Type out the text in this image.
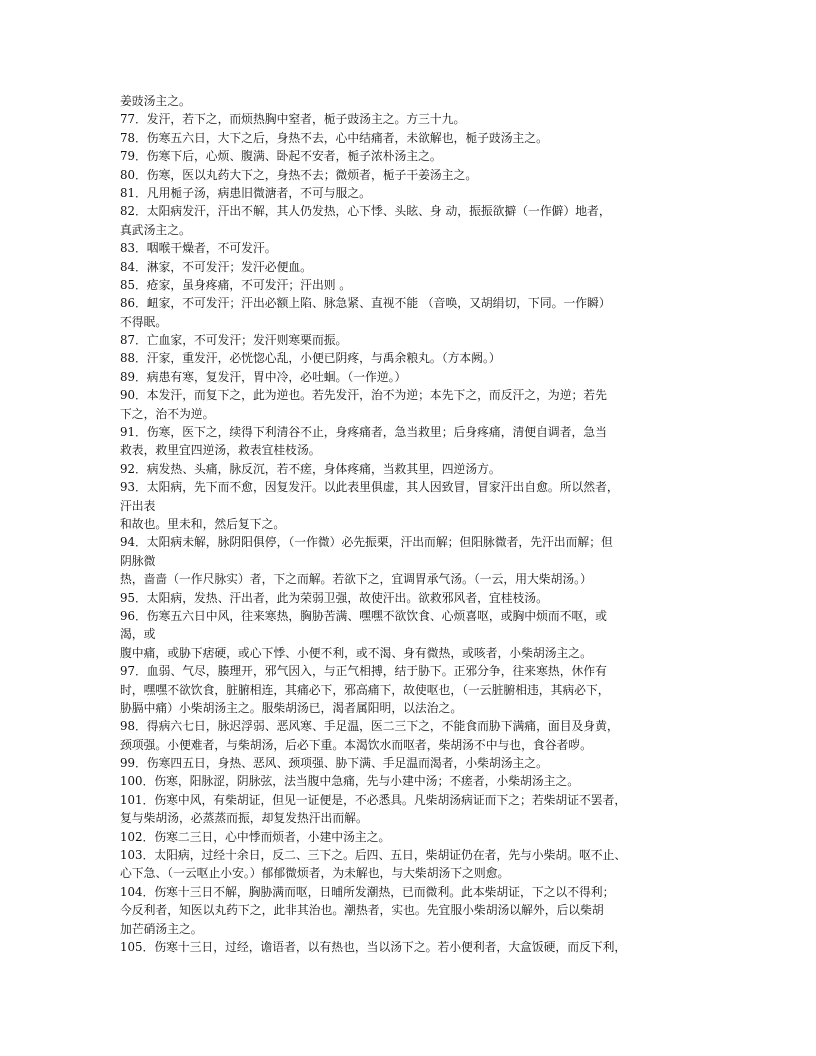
姜豉汤主之。
77．发汗，若下之，而烦热胸中窒者，栀子豉汤主之。方三十九。
78．伤寒五六日，大下之后，身热不去，心中结痛者，未欲解也，栀子豉汤主之。
79．伤寒下后，心烦、腹满、卧起不安者，栀子浓朴汤主之。
80．伤寒，医以丸药大下之，身热不去；微烦者，栀子干姜汤主之。
81．凡用栀子汤，病患旧微溏者，不可与服之。
82．太阳病发汗，汗出不解，其人仍发热，心下悸、头眩、身 动，振振欲擗（一作僻）地者，
真武汤主之。
83．咽喉干燥者，不可发汗。
84．淋家，不可发汗；发汗必便血。
85．疮家，虽身疼痛，不可发汗；汗出则 。
86．衄家，不可发汗；汗出必额上陷、脉急紧、直视不能 （音唤，又胡绢切，下同。一作瞬）
不得眠。
87．亡血家，不可发汗；发汗则寒栗而振。
88．汗家，重发汗，必恍惚心乱，小便已阴疼，与禹余粮丸。（方本阙。）
89．病患有寒，复发汗，胃中冷，必吐蛔。（一作逆。）
90．本发汗，而复下之，此为逆也。若先发汗，治不为逆；本先下之，而反汗之，为逆；若先
下之，治不为逆。
91．伤寒，医下之，续得下利清谷不止，身疼痛者，急当救里；后身疼痛，清便自调者，急当
救表，救里宜四逆汤，救表宜桂枝汤。
92．病发热、头痛，脉反沉，若不瘥，身体疼痛，当救其里，四逆汤方。
93．太阳病，先下而不愈，因复发汗。以此表里俱虚，其人因致冒，冒家汗出自愈。所以然者，
汗出表
和故也。里未和，然后复下之。
94．太阳病未解，脉阴阳俱停，（一作微）必先振栗，汗出而解；但阳脉微者，先汗出而解；但
阴脉微
热，啬啬（一作尺脉实）者，下之而解。若欲下之，宜调胃承气汤。（一云，用大柴胡汤。）
95．太阳病，发热、汗出者，此为荣弱卫强，故使汗出。欲救邪风者，宜桂枝汤。
96．伤寒五六日中风，往来寒热，胸胁苦满、嘿嘿不欲饮食、心烦喜呕，或胸中烦而不呕，或
渴，或
腹中痛，或胁下痞硬，或心下悸、小便不利，或不渴、身有微热，或咳者，小柴胡汤主之。
97．血弱、气尽，腠理开，邪气因入，与正气相搏，结于胁下。正邪分争，往来寒热，休作有
时，嘿嘿不欲饮食，脏腑相连，其痛必下，邪高痛下，故使呕也，（一云脏腑相违，其病必下，
胁膈中痛）小柴胡汤主之。服柴胡汤已，渴者属阳明，以法治之。
98．得病六七日，脉迟浮弱、恶风寒、手足温，医二三下之，不能食而胁下满痛，面目及身黄，
颈项强。小便难者，与柴胡汤，后必下重。本渴饮水而呕者，柴胡汤不中与也，食谷者哕。
99．伤寒四五日，身热、恶风、颈项强、胁下满、手足温而渴者，小柴胡汤主之。
100．伤寒，阳脉涩，阴脉弦，法当腹中急痛，先与小建中汤；不瘥者，小柴胡汤主之。
101．伤寒中风，有柴胡证，但见一证便是，不必悉具。凡柴胡汤病证而下之；若柴胡证不罢者，
复与柴胡汤，必蒸蒸而振，却复发热汗出而解。
102．伤寒二三日，心中悸而烦者，小建中汤主之。
103．太阳病，过经十余日，反二、三下之。后四、五日，柴胡证仍在者，先与小柴胡。呕不止、
心下急、（一云呕止小安。）郁郁微烦者，为未解也，与大柴胡汤下之则愈。
104．伤寒十三日不解，胸胁满而呕，日晡所发潮热，已而微利。此本柴胡证，下之以不得利；
今反利者，知医以丸药下之，此非其治也。潮热者，实也。先宜服小柴胡汤以解外，后以柴胡
加芒硝汤主之。
105．伤寒十三日，过经，谵语者，以有热也，当以汤下之。若小便利者，大盒饭硬，而反下利，
